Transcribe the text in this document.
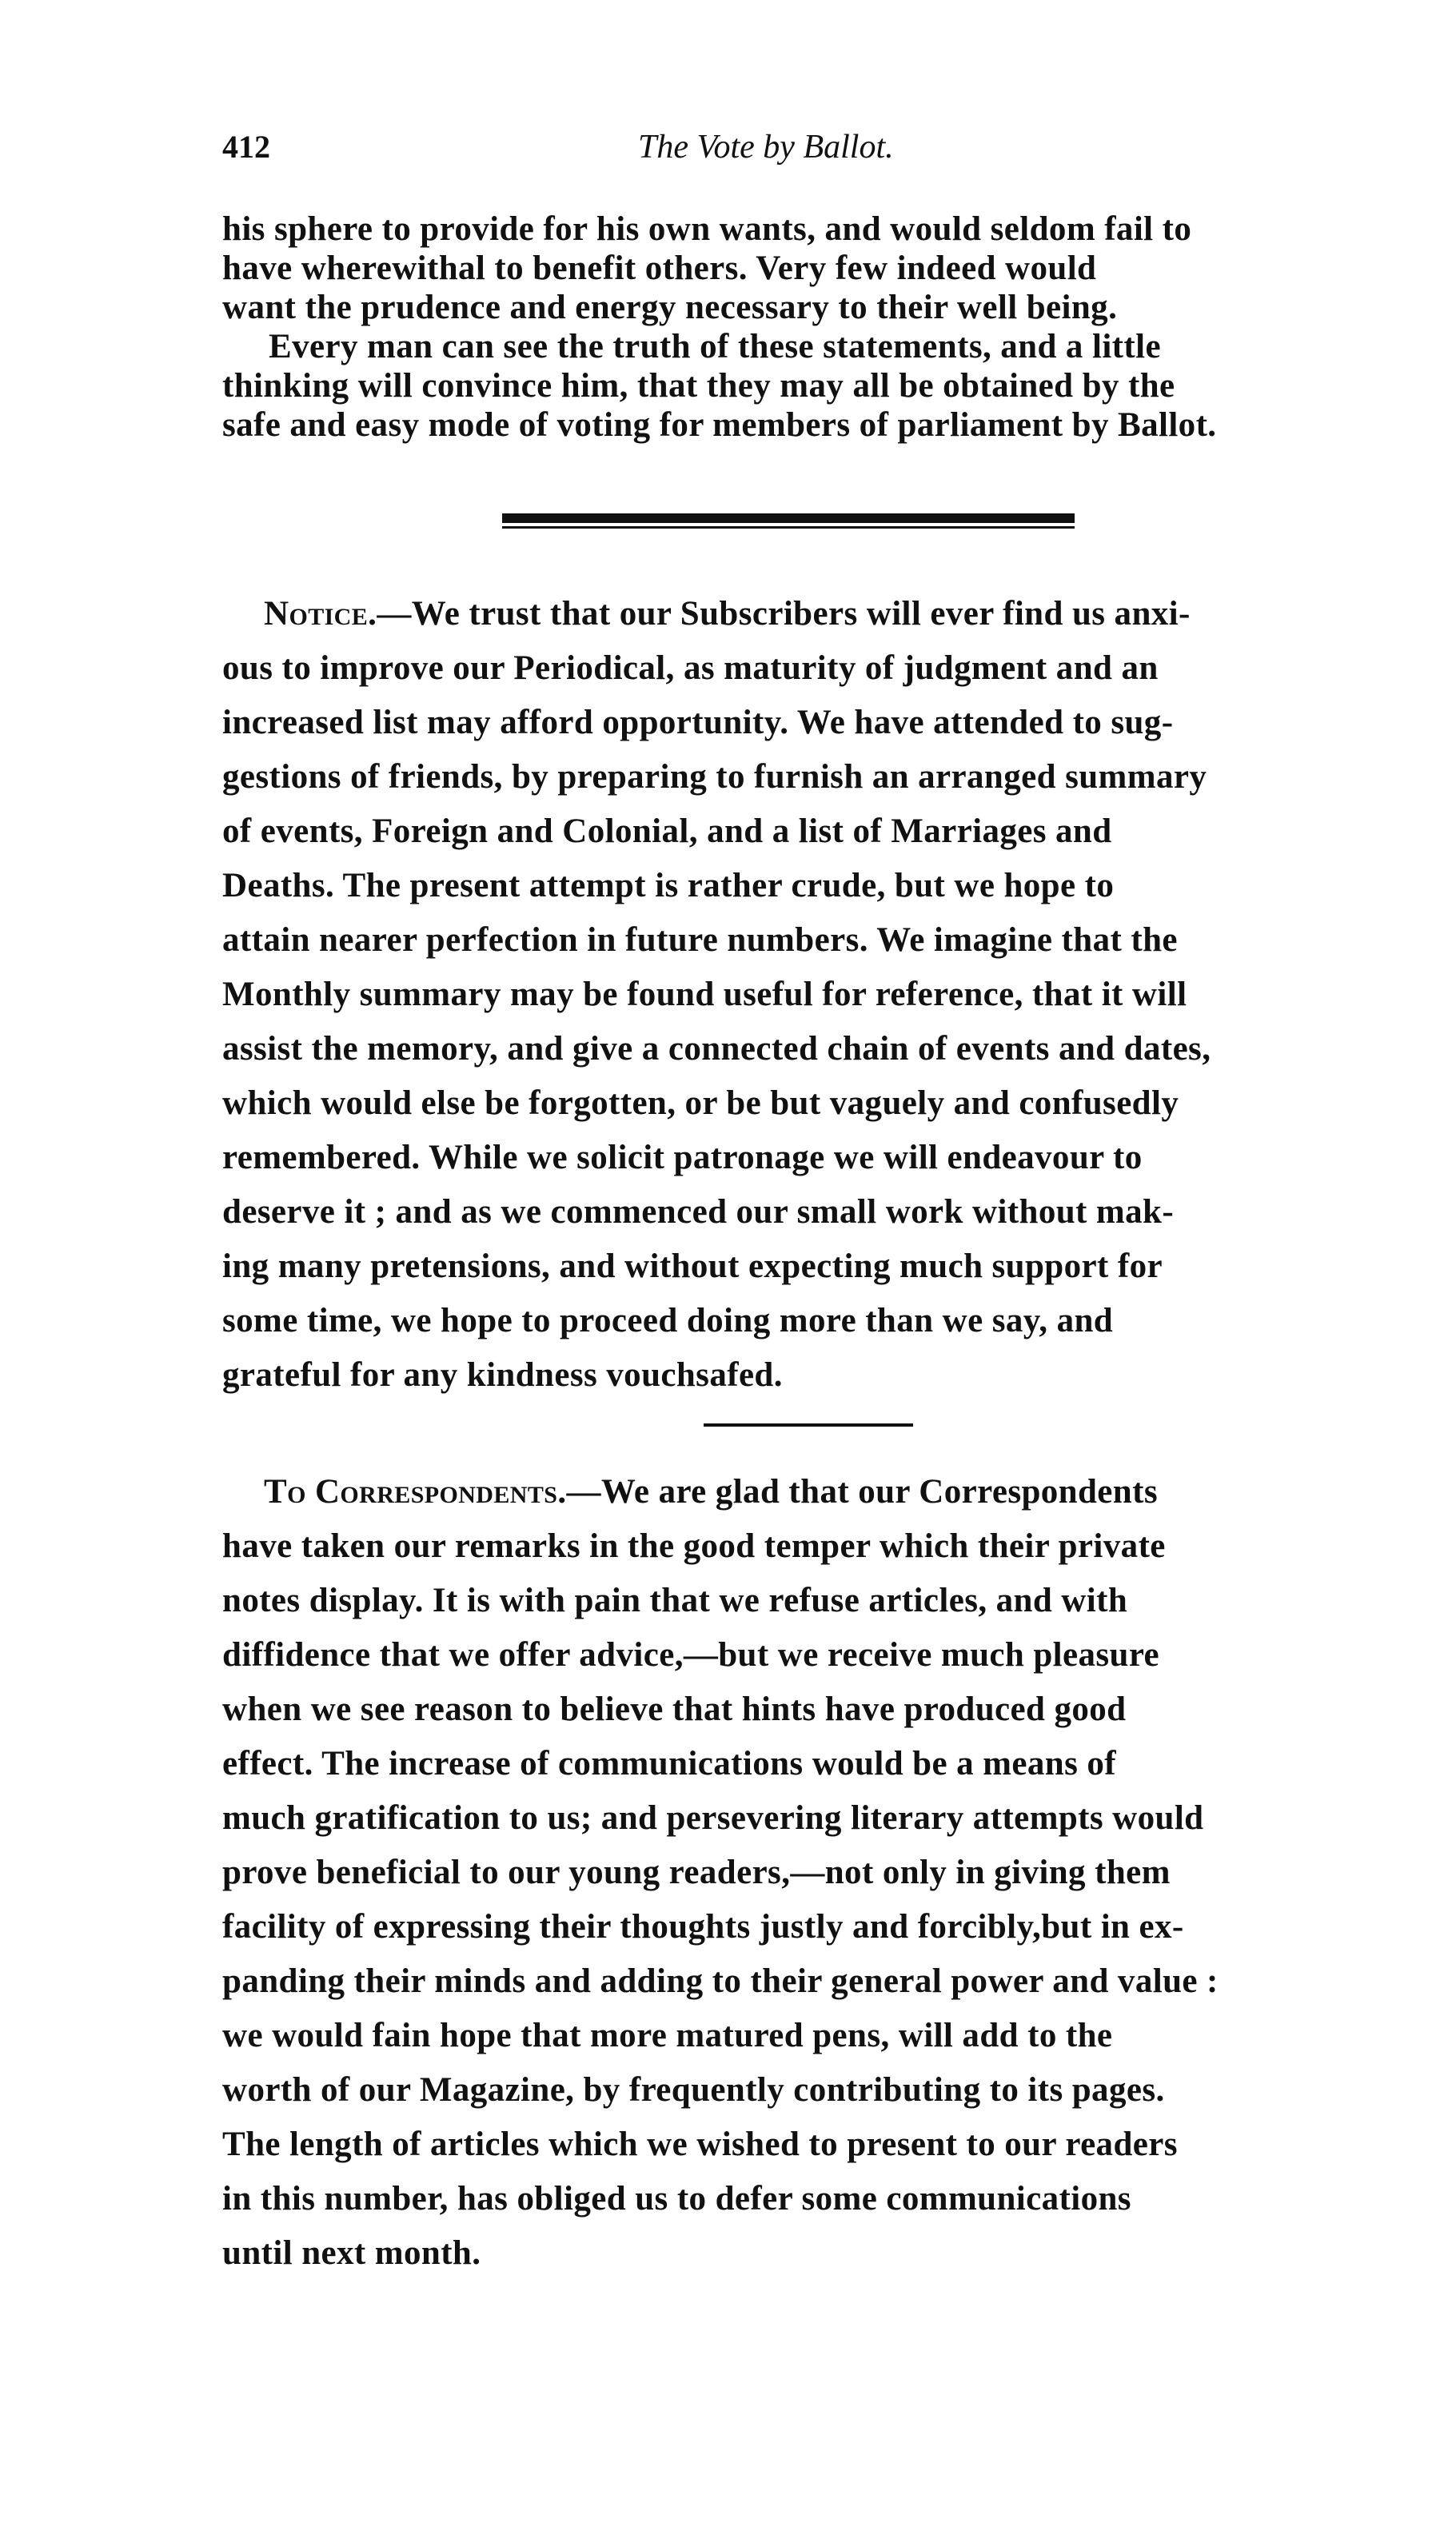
412	The Vote by Ballot.
his sphere to provide for his own wants, and would seldom fail to
have wherewithal to benefit others. Very few indeed would
want the prudence and energy necessary to their well being.
Every man can see the truth of these statements, and a little
thinking will convince him, that they may all be obtained by the
safe and easy mode of voting for members of parliament by Ballot.
Notice.—We trust that our Subscribers will ever find us anxi-
ous to improve our Periodical, as maturity of judgment and an
increased list may afford opportunity. We have attended to sug-
gestions of friends, by preparing to furnish an arranged summary
of events, Foreign and Colonial, and a list of Marriages and
Deaths. The present attempt is rather crude, but we hope to
attain nearer perfection in future numbers. We imagine that the
Monthly summary may be found useful for reference, that it will
assist the memory, and give a connected chain of events and dates,
which would else be forgotten, or be but vaguely and confusedly
remembered. While we solicit patronage we will endeavour to
deserve it ; and as we commenced our small work without mak-
ing many pretensions, and without expecting much support for
some time, we hope to proceed doing more than we say, and
grateful for any kindness vouchsafed.
To Correspondents.—We are glad that our Correspondents
have taken our remarks in the good temper which their private
notes display. It is with pain that we refuse articles, and with
diffidence that we offer advice,—but we receive much pleasure
when we see reason to believe that hints have produced good
effect. The increase of communications would be a means of
much gratification to us; and persevering literary attempts would
prove beneficial to our young readers,—not only in giving them
facility of expressing their thoughts justly and forcibly,but in ex-
panding their minds and adding to their general power and value :
we would fain hope that more matured pens, will add to the
worth of our Magazine, by frequently contributing to its pages.
The length of articles which we wished to present to our readers
in this number, has obliged us to defer some communications
until next month.
